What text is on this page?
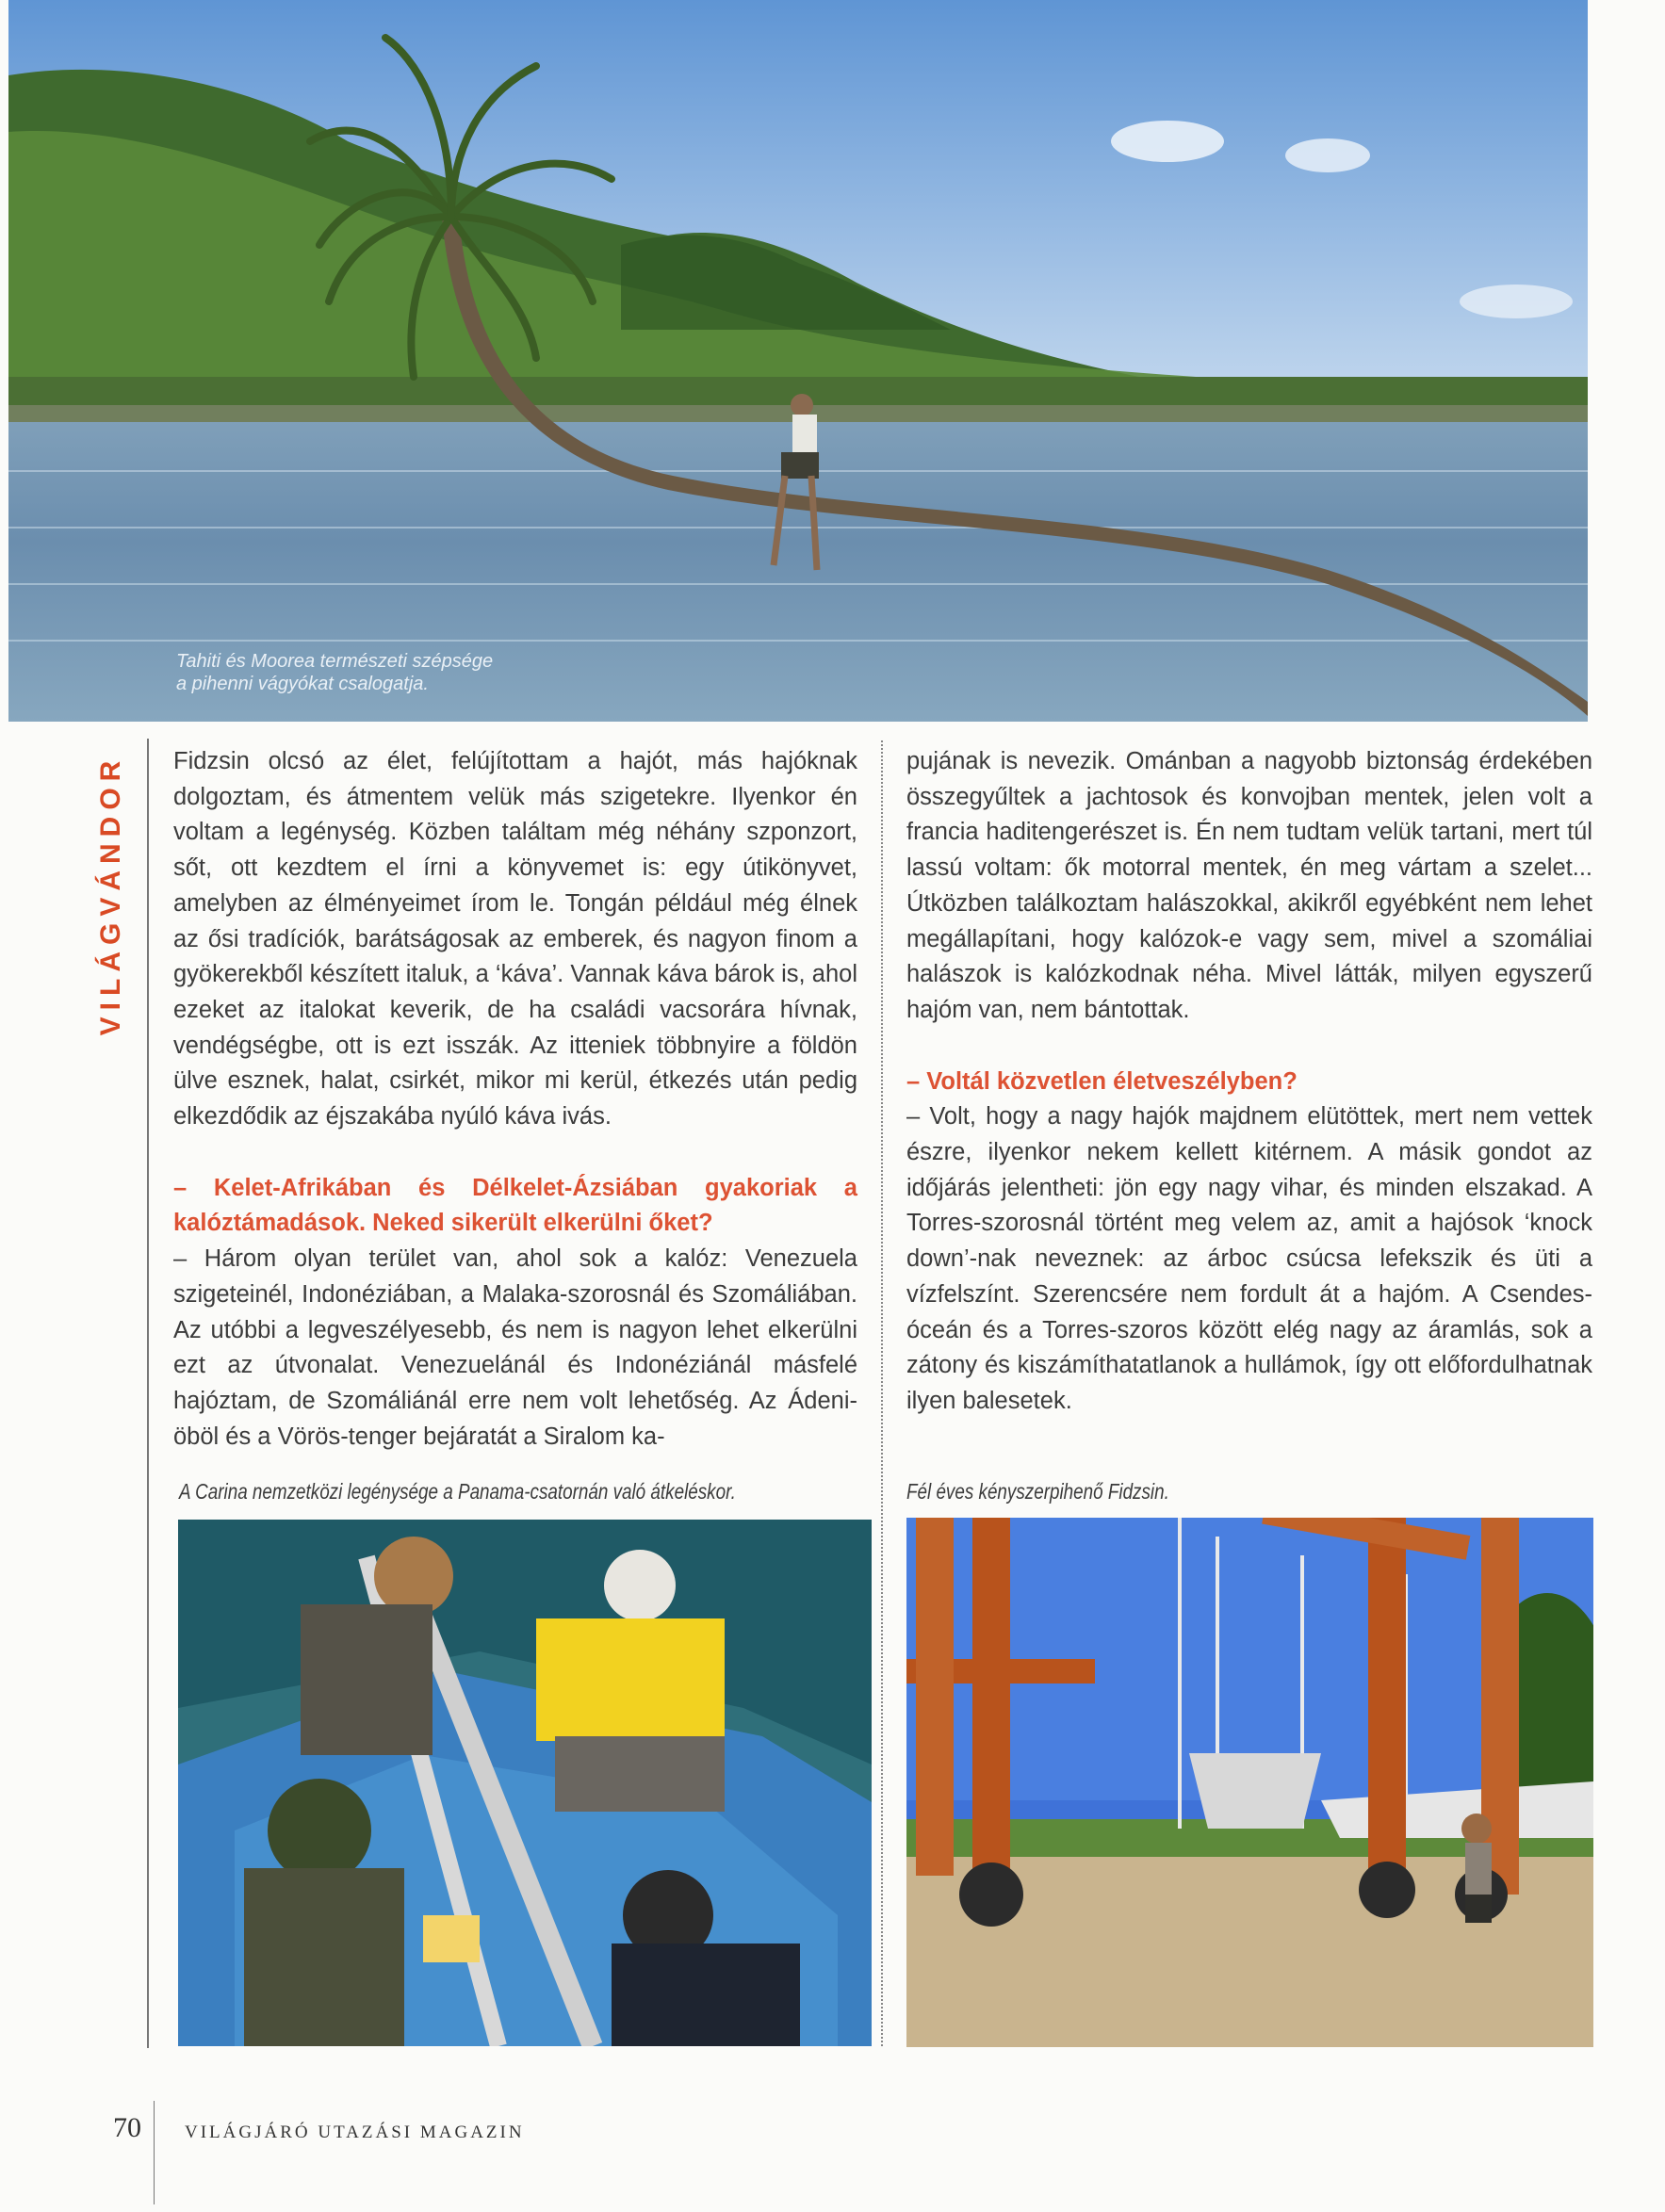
Tahiti és Moorea természeti szépsége
a pihenni vágyókat csalogatja.
VILÁGVÁNDOR Fidzsin olcsó az élet, felújítottam a hajót, más hajóknak dolgoztam, és átmentem velük más szigetekre. Ilyenkor én voltam a legénység. Közben találtam még néhány szponzort, sőt, ott kezdtem el írni a könyvemet is: egy útikönyvet, amelyben az élményeimet írom le. Tongán például még élnek az ősi tradíciók, barátságosak az emberek, és nagyon finom a gyökerekből készített italuk, a ‘káva’. Vannak káva bárok is, ahol ezeket az italokat keverik, de ha családi vacsorára hívnak, vendégségbe, ott is ezt isszák. Az itteniek többnyire a földön ülve esznek, halat, csirkét, mikor mi kerül, étkezés után pedig elkezdődik az éjszakába nyúló káva ivás.

– Kelet-Afrikában és Délkelet-Ázsiában gyakoriak a kalóztámadások. Neked sikerült elkerülni őket?

– Három olyan terület van, ahol sok a kalóz: Venezuela szigeteinél, Indonéziában, a Malaka-szorosnál és Szomáliában. Az utóbbi a legveszélyesebb, és nem is nagyon lehet elkerülni ezt az útvonalat. Venezuelánál és Indonéziánál másfelé hajóztam, de Szomáliánál erre nem volt lehetőség. Az Ádeni-öböl és a Vörös-tenger bejáratát a Siralom ka-

pujának is nevezik. Ománban a nagyobb biztonság érdekében összegyűltek a jachtosok és konvojban mentek, jelen volt a francia haditengerészet is. Én nem tudtam velük tartani, mert túl lassú voltam: ők motorral mentek, én meg vártam a szelet... Útközben találkoztam halászokkal, akikről egyébként nem lehet megállapítani, hogy kalózok-e vagy sem, mivel a szomáliai halászok is kalózkodnak néha. Mivel látták, milyen egyszerű hajóm van, nem bántottak.

– Voltál közvetlen életveszélyben?

– Volt, hogy a nagy hajók majdnem elütöttek, mert nem vettek észre, ilyenkor nekem kellett kitérnem. A másik gondot az időjárás jelentheti: jön egy nagy vihar, és minden elszakad. A Torres-szorosnál történt meg velem az, amit a hajósok ‘knock down’-nak neveznek: az árboc csúcsa lefekszik és üti a vízfelszínt. Szerencsére nem fordult át a hajóm. A Csendes-óceán és a Torres-szoros között elég nagy az áramlás, sok a zátony és kiszámíthatatlanok a hullámok, így ott előfordulhatnak ilyen balesetek.

A Carina nemzetközi legénysége a Panama-csatornán való átkeléskor.	Fél éves kényszerpihenő Fidzsin.
70 VILÁGJÁRÓ UTAZÁSI MAGAZIN
